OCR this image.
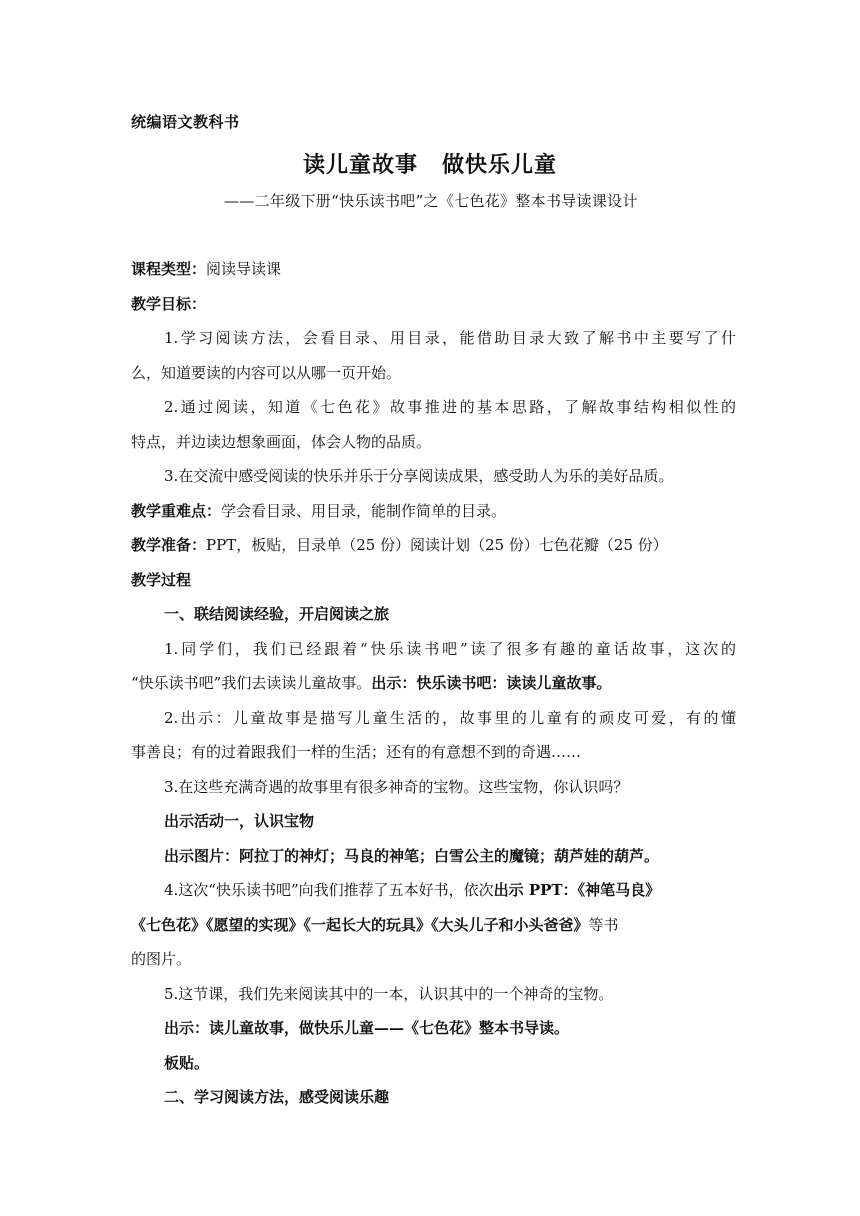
统编语文教科书
读儿童故事 做快乐儿童
——二年级下册“快乐读书吧”之《七色花》整本书导读课设计
课程类型：阅读导读课
教学目标：
1.学习阅读方法，会看目录、用目录，能借助目录大致了解书中主要写了什
么，知道要读的内容可以从哪一页开始。
2.通过阅读，知道《七色花》故事推进的基本思路，了解故事结构相似性的
特点，并边读边想象画面，体会人物的品质。
3.在交流中感受阅读的快乐并乐于分享阅读成果，感受助人为乐的美好品质。
教学重难点：学会看目录、用目录，能制作简单的目录。
教学准备：PPT，板贴，目录单（25 份）阅读计划（25 份）七色花瓣（25 份）
教学过程
一、联结阅读经验，开启阅读之旅
1.同学们，我们已经跟着“快乐读书吧”读了很多有趣的童话故事，这次的
“快乐读书吧”我们去读读儿童故事。出示：快乐读书吧：读读儿童故事。
2.出示：儿童故事是描写儿童生活的，故事里的儿童有的顽皮可爱，有的懂
事善良；有的过着跟我们一样的生活；还有的有意想不到的奇遇……
3.在这些充满奇遇的故事里有很多神奇的宝物。这些宝物，你认识吗？
出示活动一，认识宝物
出示图片：阿拉丁的神灯；马良的神笔；白雪公主的魔镜；葫芦娃的葫芦。
4.这次“快乐读书吧”向我们推荐了五本好书，依次出示 PPT：《神笔马良》
《七色花》《愿望的实现》《一起长大的玩具》《大头儿子和小头爸爸》等书
的图片。
5.这节课，我们先来阅读其中的一本，认识其中的一个神奇的宝物。
出示：读儿童故事，做快乐儿童——《七色花》整本书导读。
板贴。
二、学习阅读方法，感受阅读乐趣
